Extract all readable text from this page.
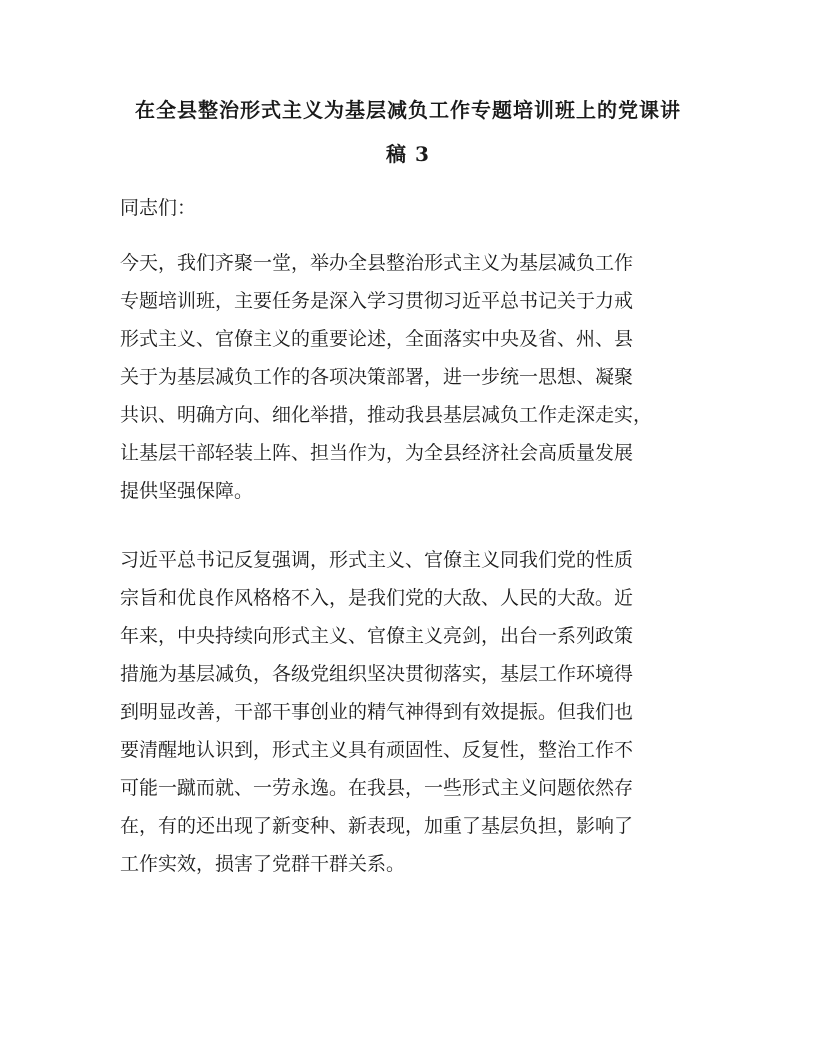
在全县整治形式主义为基层减负工作专题培训班上的党课讲
稿 3

同志们：

今天，我们齐聚一堂，举办全县整治形式主义为基层减负工作

专题培训班，主要任务是深入学习贯彻习近平总书记关于力戒

形式主义、官僚主义的重要论述，全面落实中央及省、州、县

关于为基层减负工作的各项决策部署，进一步统一思想、凝聚

共识、明确方向、细化举措，推动我县基层减负工作走深走实，

让基层干部轻装上阵、担当作为，为全县经济社会高质量发展

提供坚强保障。

习近平总书记反复强调，形式主义、官僚主义同我们党的性质

宗旨和优良作风格格不入，是我们党的大敌、人民的大敌。近

年来，中央持续向形式主义、官僚主义亮剑，出台一系列政策

措施为基层减负，各级党组织坚决贯彻落实，基层工作环境得

到明显改善，干部干事创业的精气神得到有效提振。但我们也

要清醒地认识到，形式主义具有顽固性、反复性，整治工作不

可能一蹴而就、一劳永逸。在我县，一些形式主义问题依然存

在，有的还出现了新变种、新表现，加重了基层负担，影响了

工作实效，损害了党群干群关系。
